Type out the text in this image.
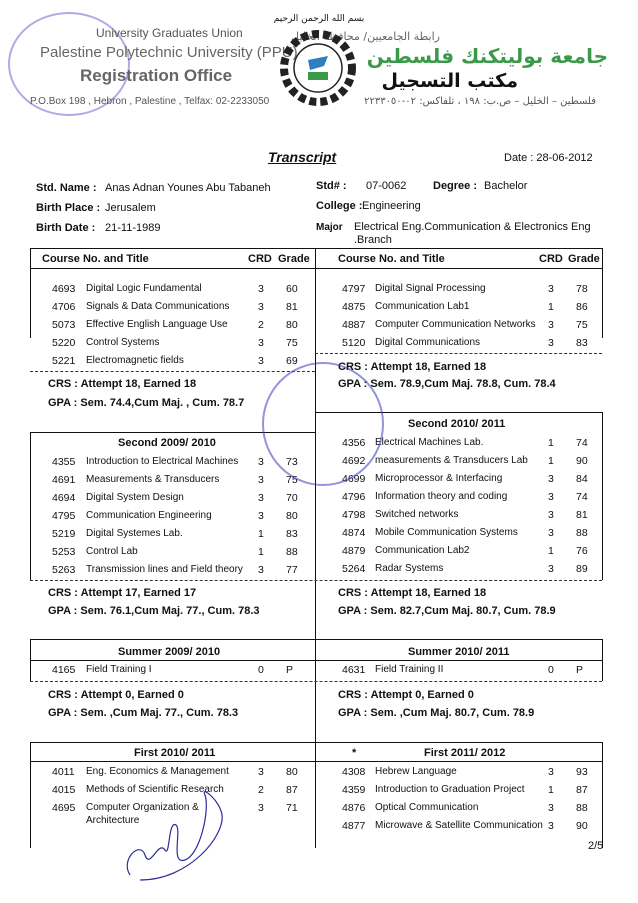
بسم الله الرحمن الرحيم
University Graduates Union
Palestine Polytechnic University (PPU)
Registration Office
P.O.Box 198 , Hebron , Palestine , Telfax: 02-2233050
رابطة الجامعيين/ محافظة الخليل
جامعة بوليتكنك فلسطين
مكتب التسجيل
فلسطين – الخليل – ص.ب: ١٩٨ ، تلفاكس: ٠٢-٢٢٣٣٠٥٠
Transcript	Date : 28-06-2012
Std. Name : Anas Adnan Younes Abu Tabaneh
Birth Place : Jerusalem
Birth Date : 21-11-1989
Std# : 07-0062 Degree : Bachelor
College : Engineering
Major Electrical Eng.Communication & Electronics Eng
.Branch
Course No. and Title	CRD Grade	Course No. and Title	CRD Grade
4693 Digital Logic Fundamental	3 60
4706 Signals & Data Communications	3 81
5073 Effective English Language Use	2 80
5220 Control Systems	3 75
5221 Electromagnetic fields	3 69
CRS : Attempt 18, Earned 18
GPA : Sem. 74.4,Cum Maj. , Cum. 78.7
4797 Digital Signal Processing	3 78
4875 Communication Lab1	1 86
4887 Computer Communication Networks 3 75
5120 Digital Communications	3 83
CRS : Attempt 18, Earned 18
GPA : Sem. 78.9,Cum Maj. 78.8, Cum. 78.4
Second 2009/ 2010
Second 2010/ 2011
4355 Introduction to Electrical Machines 3 73
4691 Measurements & Transducers	3 75
4694 Digital System Design	3 70
4795 Communication Engineering	3 80
5219 Digital Systemes Lab.	1 83
5253 Control Lab	1 88
5263 Transmission lines and Field theory 3 77
4356 Electrical Machines Lab.	1 74
4692 measurements & Transducers Lab 1 90
4699 Microprocessor & Interfacing	3 84
4796 Information theory and coding	3 74
4798 Switched networks	3 81
4874 Mobile Communication Systems	3 88
4879 Communication Lab2	1 76
5264 Radar Systems	3 89
CRS : Attempt 17, Earned 17
GPA : Sem. 76.1,Cum Maj. 77., Cum. 78.3
CRS : Attempt 18, Earned 18
GPA : Sem. 82.7,Cum Maj. 80.7, Cum. 78.9
Summer 2009/ 2010	Summer 2010/ 2011
4165 Field Training I	0 P	4631 Field Training II	0 P
CRS : Attempt 0, Earned 0
GPA : Sem. ,Cum Maj. 77., Cum. 78.3
CRS : Attempt 0, Earned 0
GPA : Sem. ,Cum Maj. 80.7, Cum. 78.9
First 2010/ 2011	*	First 2011/ 2012
4011 Eng. Economics & Management	3 80
4015 Methods of Scientific Research	2 87
4695 Computer Organization &	3 71
4308 Hebrew Language	3 93
4359 Introduction to Graduation Project 1 87
4876 Optical Communication	3 88
4877 Microwave & Satellite Communication 3 90
Architecture
2/5
